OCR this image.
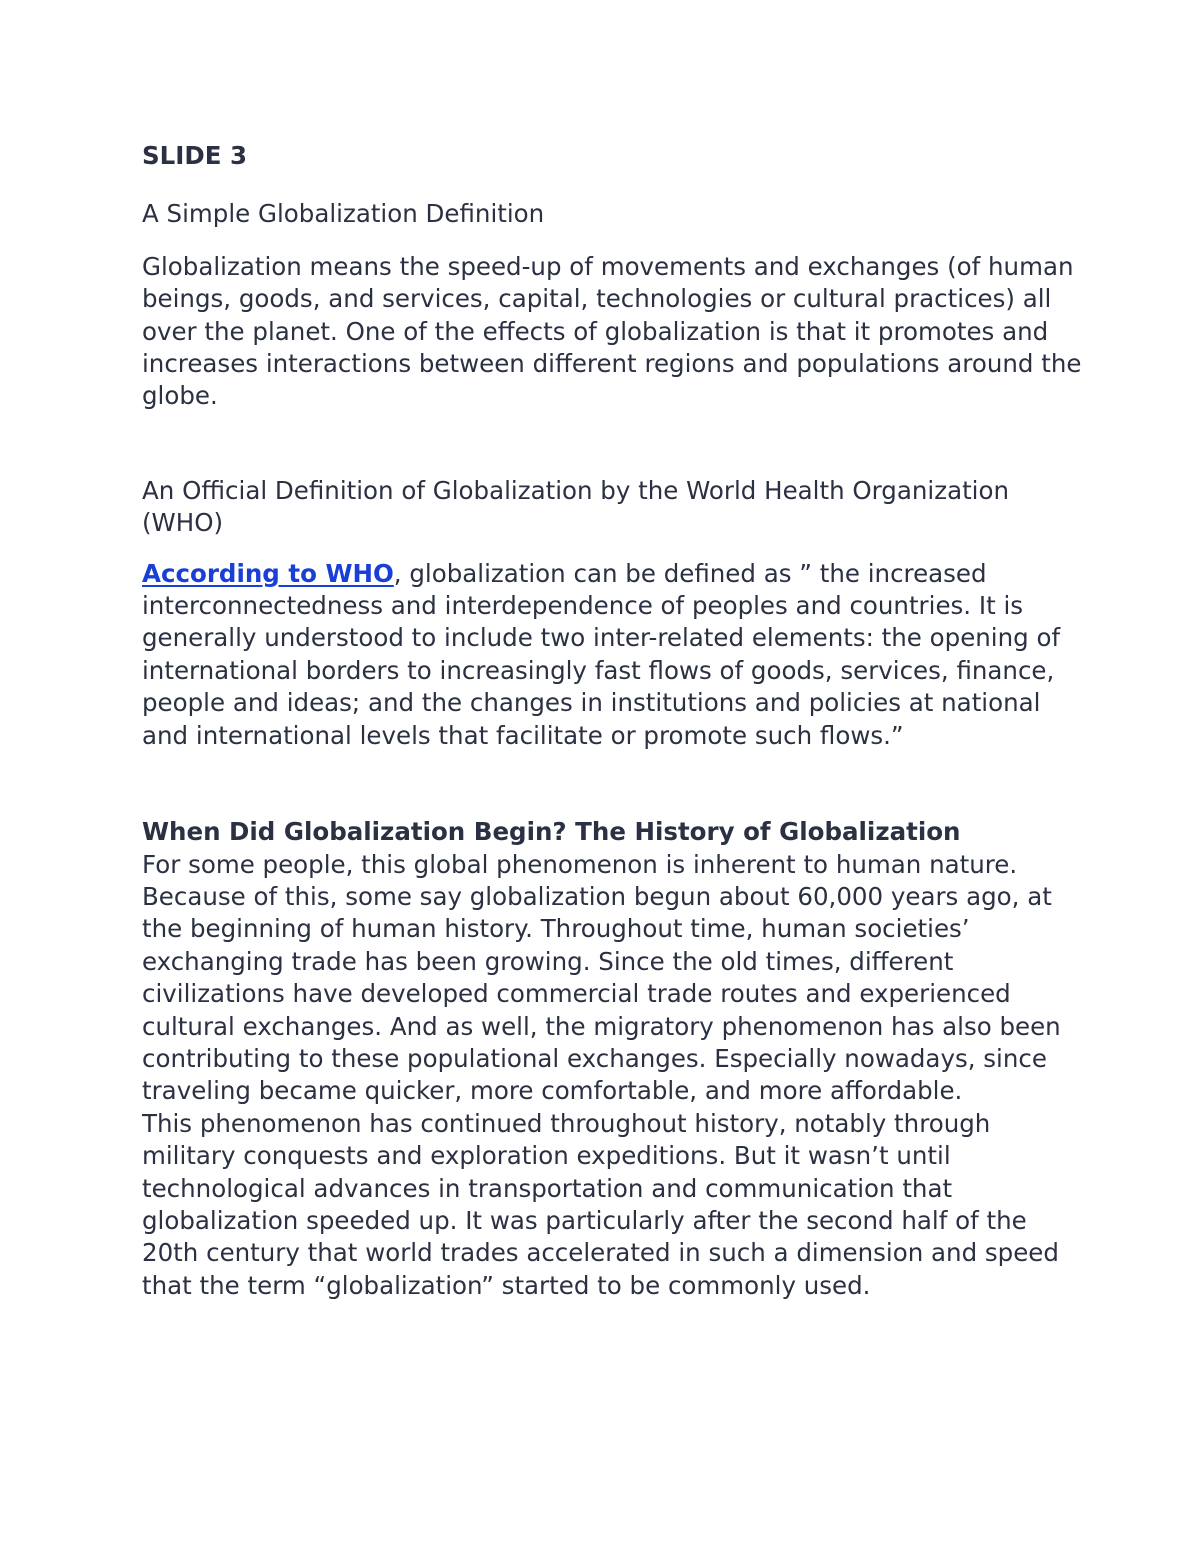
SLIDE 3

A Simple Globalization Definition

Globalization means the speed-up of movements and exchanges (of human beings, goods, and services, capital, technologies or cultural practices) all over the planet. One of the effects of globalization is that it promotes and increases interactions between different regions and populations around the globe.

An Official Definition of Globalization by the World Health Organization (WHO)

According to WHO, globalization can be defined as ” the increased interconnectedness and interdependence of peoples and countries. It is generally understood to include two inter-related elements: the opening of international borders to increasingly fast flows of goods, services, finance, people and ideas; and the changes in institutions and policies at national and international levels that facilitate or promote such flows.”

When Did Globalization Begin? The History of Globalization

For some people, this global phenomenon is inherent to human nature. Because of this, some say globalization begun about 60,000 years ago, at the beginning of human history. Throughout time, human societies’ exchanging trade has been growing. Since the old times, different civilizations have developed commercial trade routes and experienced cultural exchanges. And as well, the migratory phenomenon has also been contributing to these populational exchanges. Especially nowadays, since traveling became quicker, more comfortable, and more affordable.

This phenomenon has continued throughout history, notably through military conquests and exploration expeditions. But it wasn’t until technological advances in transportation and communication that globalization speeded up. It was particularly after the second half of the 20th century that world trades accelerated in such a dimension and speed that the term “globalization” started to be commonly used.
